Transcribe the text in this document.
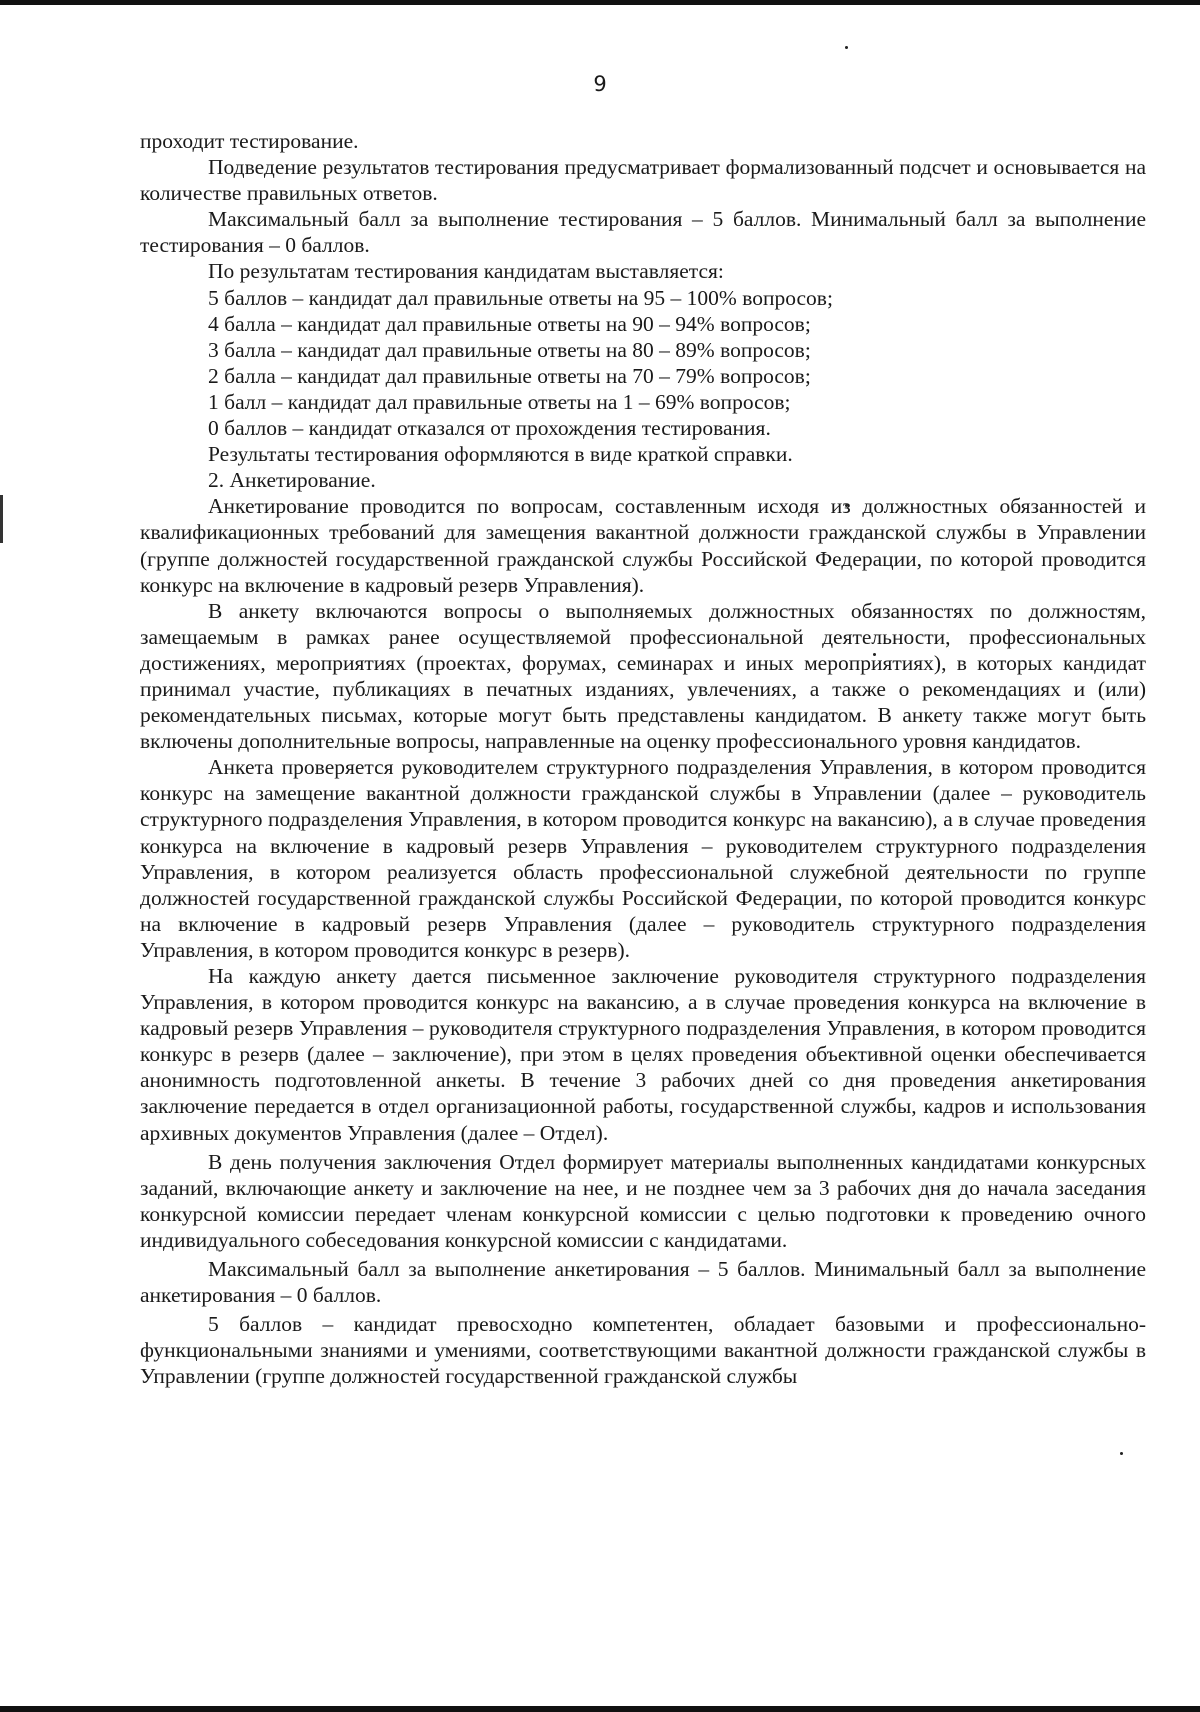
9

проходит тестирование.

Подведение результатов тестирования предусматривает формализованный подсчет и основывается на количестве правильных ответов.

Максимальный балл за выполнение тестирования – 5 баллов. Минимальный балл за выполнение тестирования – 0 баллов.

По результатам тестирования кандидатам выставляется:

5 баллов – кандидат дал правильные ответы на 95 – 100% вопросов;

4 балла – кандидат дал правильные ответы на 90 – 94% вопросов;

3 балла – кандидат дал правильные ответы на 80 – 89% вопросов;

2 балла – кандидат дал правильные ответы на 70 – 79% вопросов;

1 балл – кандидат дал правильные ответы на 1 – 69% вопросов;

0 баллов – кандидат отказался от прохождения тестирования.

Результаты тестирования оформляются в виде краткой справки.

2. Анкетирование.

Анкетирование проводится по вопросам, составленным исходя из должностных обязанностей и квалификационных требований для замещения вакантной должности гражданской службы в Управлении (группе должностей государственной гражданской службы Российской Федерации, по которой проводится конкурс на включение в кадровый резерв Управления).

В анкету включаются вопросы о выполняемых должностных обязанностях по должностям, замещаемым в рамках ранее осуществляемой профессиональной деятельности, профессиональных достижениях, мероприятиях (проектах, форумах, семинарах и иных мероприятиях), в которых кандидат принимал участие, публикациях в печатных изданиях, увлечениях, а также о рекомендациях и (или) рекомендательных письмах, которые могут быть представлены кандидатом. В анкету также могут быть включены дополнительные вопросы, направленные на оценку профессионального уровня кандидатов.

Анкета проверяется руководителем структурного подразделения Управления, в котором проводится конкурс на замещение вакантной должности гражданской службы в Управлении (далее – руководитель структурного подразделения Управления, в котором проводится конкурс на вакансию), а в случае проведения конкурса на включение в кадровый резерв Управления – руководителем структурного подразделения Управления, в котором реализуется область профессиональной служебной деятельности по группе должностей государственной гражданской службы Российской Федерации, по которой проводится конкурс на включение в кадровый резерв Управления (далее – руководитель структурного подразделения Управления, в котором проводится конкурс в резерв).

На каждую анкету дается письменное заключение руководителя структурного подразделения Управления, в котором проводится конкурс на вакансию, а в случае проведения конкурса на включение в кадровый резерв Управления – руководителя структурного подразделения Управления, в котором проводится конкурс в резерв (далее – заключение), при этом в целях проведения объективной оценки обеспечивается анонимность подготовленной анкеты. В течение 3 рабочих дней со дня проведения анкетирования заключение передается в отдел организационной работы, государственной службы, кадров и использования архивных документов Управления (далее – Отдел).

В день получения заключения Отдел формирует материалы выполненных кандидатами конкурсных заданий, включающие анкету и заключение на нее, и не позднее чем за 3 рабочих дня до начала заседания конкурсной комиссии передает членам конкурсной комиссии с целью подготовки к проведению очного индивидуального собеседования конкурсной комиссии с кандидатами.

Максимальный балл за выполнение анкетирования – 5 баллов. Минимальный балл за выполнение анкетирования – 0 баллов.

5 баллов – кандидат превосходно компетентен, обладает базовыми и профессионально-функциональными знаниями и умениями, соответствующими вакантной должности гражданской службы в Управлении (группе должностей государственной гражданской службы
